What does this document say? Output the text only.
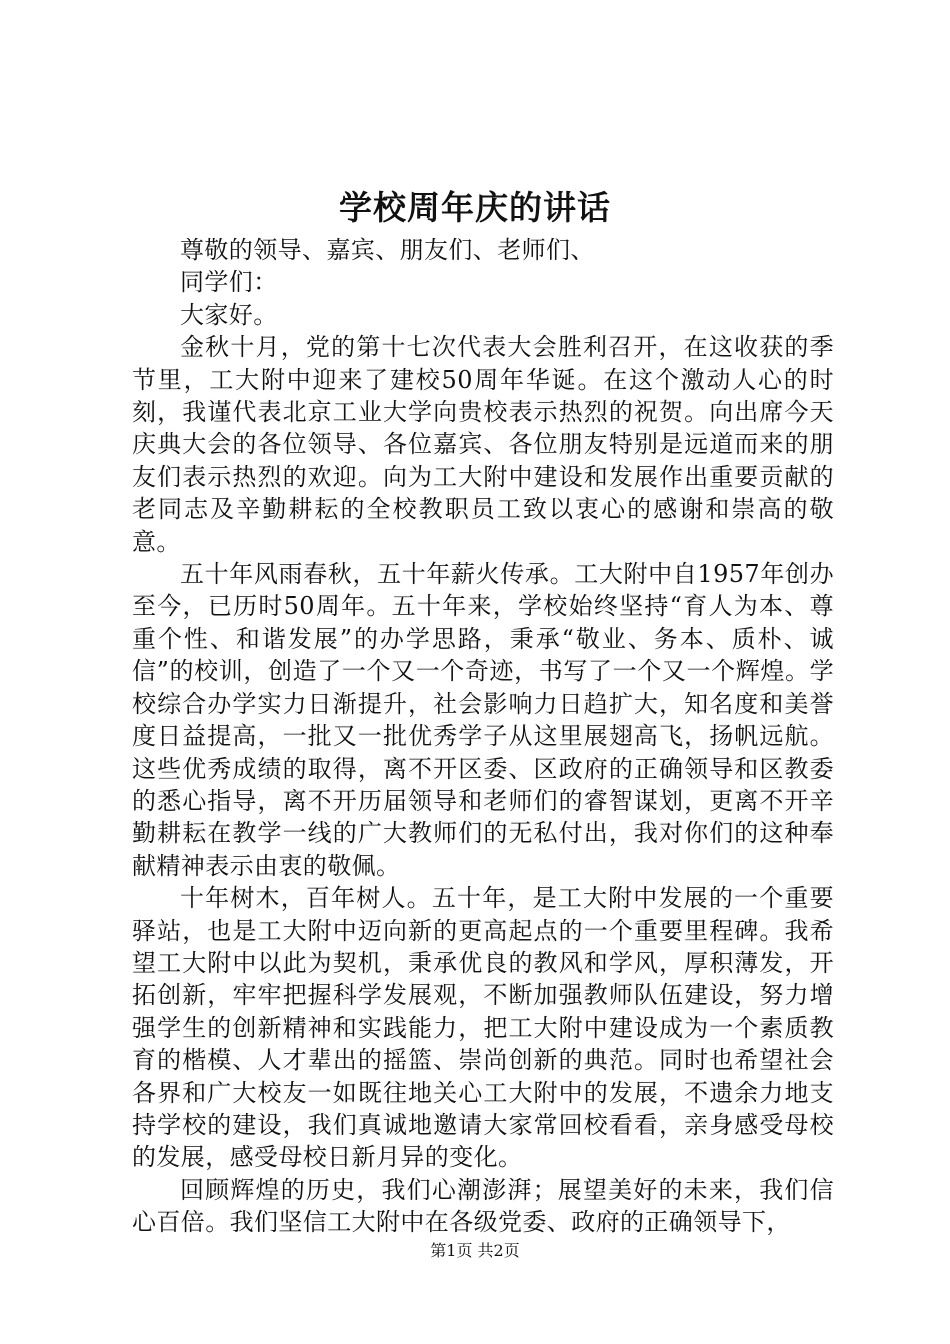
学校周年庆的讲话

尊敬的领导、嘉宾、朋友们、老师们、

同学们：

大家好。

金秋十月，党的第十七次代表大会胜利召开，在这收获的季节里，工大附中迎来了建校50周年华诞。在这个激动人心的时刻，我谨代表北京工业大学向贵校表示热烈的祝贺。向出席今天庆典大会的各位领导、各位嘉宾、各位朋友特别是远道而来的朋友们表示热烈的欢迎。向为工大附中建设和发展作出重要贡献的老同志及辛勤耕耘的全校教职员工致以衷心的感谢和崇高的敬意。

五十年风雨春秋，五十年薪火传承。工大附中自1957年创办至今，已历时50周年。五十年来，学校始终坚持“育人为本、尊重个性、和谐发展”的办学思路，秉承“敬业、务本、质朴、诚信”的校训，创造了一个又一个奇迹，书写了一个又一个辉煌。学校综合办学实力日渐提升，社会影响力日趋扩大，知名度和美誉度日益提高，一批又一批优秀学子从这里展翅高飞，扬帆远航。这些优秀成绩的取得，离不开区委、区政府的正确领导和区教委的悉心指导，离不开历届领导和老师们的睿智谋划，更离不开辛勤耕耘在教学一线的广大教师们的无私付出，我对你们的这种奉献精神表示由衷的敬佩。

十年树木，百年树人。五十年，是工大附中发展的一个重要驿站，也是工大附中迈向新的更高起点的一个重要里程碑。我希望工大附中以此为契机，秉承优良的教风和学风，厚积薄发，开拓创新，牢牢把握科学发展观，不断加强教师队伍建设，努力增强学生的创新精神和实践能力，把工大附中建设成为一个素质教育的楷模、人才辈出的摇篮、崇尚创新的典范。同时也希望社会各界和广大校友一如既往地关心工大附中的发展，不遗余力地支持学校的建设，我们真诚地邀请大家常回校看看，亲身感受母校的发展，感受母校日新月异的变化。

回顾辉煌的历史，我们心潮澎湃；展望美好的未来，我们信心百倍。我们坚信工大附中在各级党委、政府的正确领导下，

第1页 共2页
